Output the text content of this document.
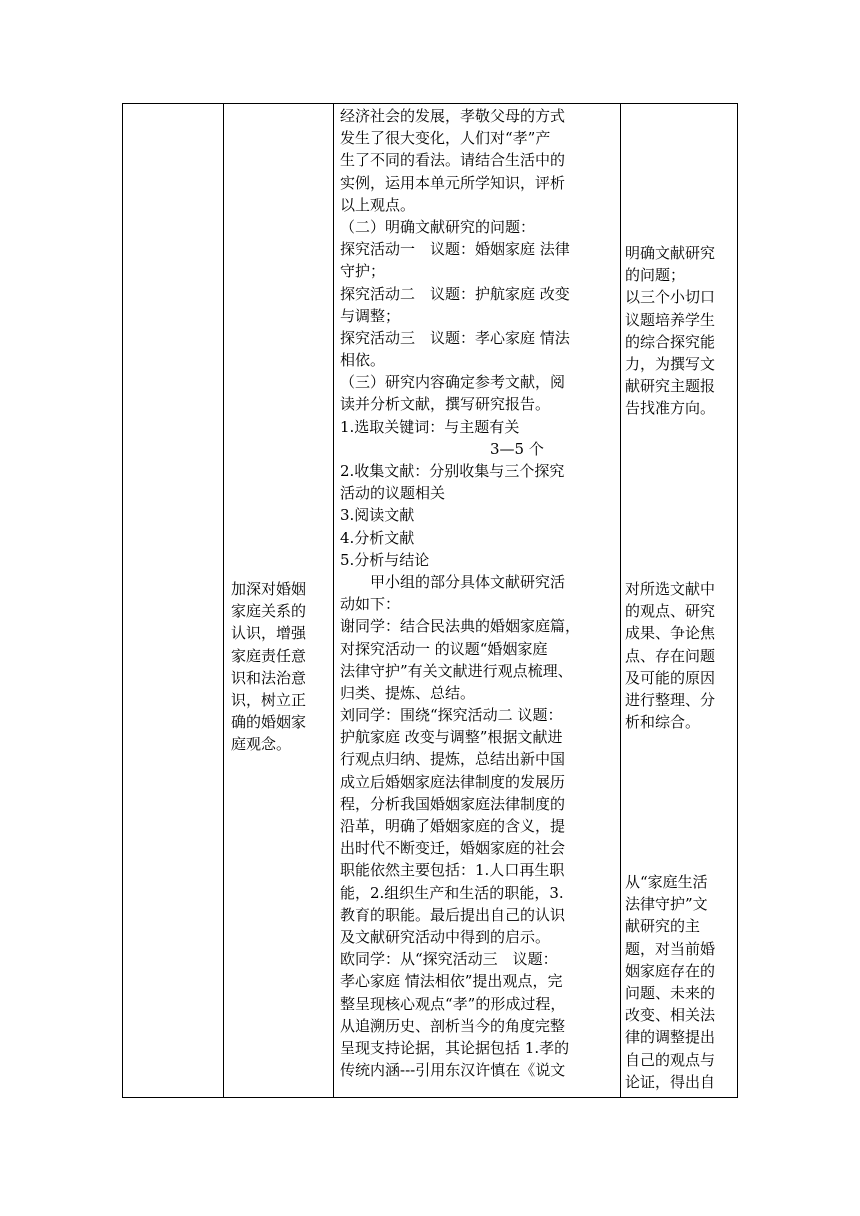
加深对婚姻
家庭关系的
认识，增强
家庭责任意
识和法治意
识，树立正
确的婚姻家
庭观念。
经济社会的发展，孝敬父母的方式
发生了很大变化，人们对“孝”产
生了不同的看法。请结合生活中的
实例，运用本单元所学知识，评析
以上观点。
（二）明确文献研究的问题：
探究活动一　议题：婚姻家庭 法律
守护；
探究活动二　议题：护航家庭 改变
与调整；
探究活动三　议题：孝心家庭 情法
相依。
（三）研究内容确定参考文献，阅
读并分析文献，撰写研究报告。
1.选取关键词：与主题有关
　　　　　　　　　　3—5 个
2.收集文献：分别收集与三个探究
活动的议题相关
3.阅读文献
4.分析文献
5.分析与结论
　　甲小组的部分具体文献研究活
动如下：
谢同学：结合民法典的婚姻家庭篇，
对探究活动一 的议题“婚姻家庭
法律守护”有关文献进行观点梳理、
归类、提炼、总结。
刘同学：围绕“探究活动二 议题：
护航家庭 改变与调整”根据文献进
行观点归纳、提炼，总结出新中国
成立后婚姻家庭法律制度的发展历
程，分析我国婚姻家庭法律制度的
沿革，明确了婚姻家庭的含义，提
出时代不断变迁，婚姻家庭的社会
职能依然主要包括：1.人口再生职
能，2.组织生产和生活的职能，3.
教育的职能。最后提出自己的认识
及文献研究活动中得到的启示。
欧同学：从“探究活动三　议题：
孝心家庭 情法相依”提出观点，完
整呈现核心观点“孝”的形成过程，
从追溯历史、剖析当今的角度完整
呈现支持论据，其论据包括 1.孝的
传统内涵---引用东汉许慎在《说文
明确文献研究
的问题；
以三个小切口
议题培养学生
的综合探究能
力，为撰写文
献研究主题报
告找准方向。
对所选文献中
的观点、研究
成果、争论焦
点、存在问题
及可能的原因
进行整理、分
析和综合。
从“家庭生活
法律守护”文
献研究的主
题，对当前婚
姻家庭存在的
问题、未来的
改变、相关法
律的调整提出
自己的观点与
论证，得出自
